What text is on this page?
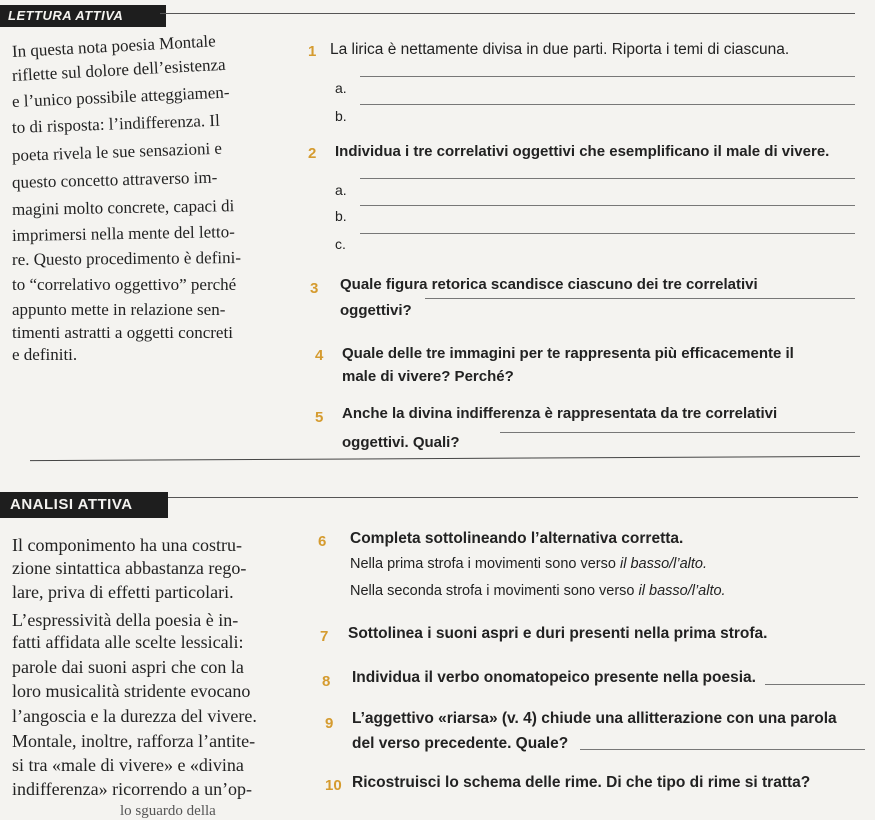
LETTURA ATTIVA
In questa nota poesia Montale
riflette sul dolore dell’esistenza
e l’unico possibile atteggiamen-
to di risposta: l’indifferenza. Il
poeta rivela le sue sensazioni e
questo concetto attraverso im-
magini molto concrete, capaci di
imprimersi nella mente del letto-
re. Questo procedimento è defini-
to “correlativo oggettivo” perché
appunto mette in relazione sen-
timenti astratti a oggetti concreti
e definiti.
1 La lirica è nettamente divisa in due parti. Riporta i temi di ciascuna.
a.
b.
2 Individua i tre correlativi oggettivi che esemplificano il male di vivere.
a.
b.
c.
3 Quale figura retorica scandisce ciascuno dei tre correlativi
oggettivi?
4 Quale delle tre immagini per te rappresenta più efficacemente il
male di vivere? Perché?
5 Anche la divina indifferenza è rappresentata da tre correlativi
oggettivi. Quali?
ANALISI ATTIVA
Il componimento ha una costru-
zione sintattica abbastanza rego-
lare, priva di effetti particolari.
L’espressività della poesia è in-
fatti affidata alle scelte lessicali:
parole dai suoni aspri che con la
loro musicalità stridente evocano
l’angoscia e la durezza del vivere.
Montale, inoltre, rafforza l’antite-
si tra «male di vivere» e «divina
indifferenza» ricorrendo a un’op-
lo sguardo della
6 Completa sottolineando l’alternativa corretta.
Nella prima strofa i movimenti sono verso il basso/l’alto.
Nella seconda strofa i movimenti sono verso il basso/l’alto.
7 Sottolinea i suoni aspri e duri presenti nella prima strofa.
8 Individua il verbo onomatopeico presente nella poesia.
9 L’aggettivo «riarsa» (v. 4) chiude una allitterazione con una parola
del verso precedente. Quale?
10 Ricostruisci lo schema delle rime. Di che tipo di rime si tratta?
